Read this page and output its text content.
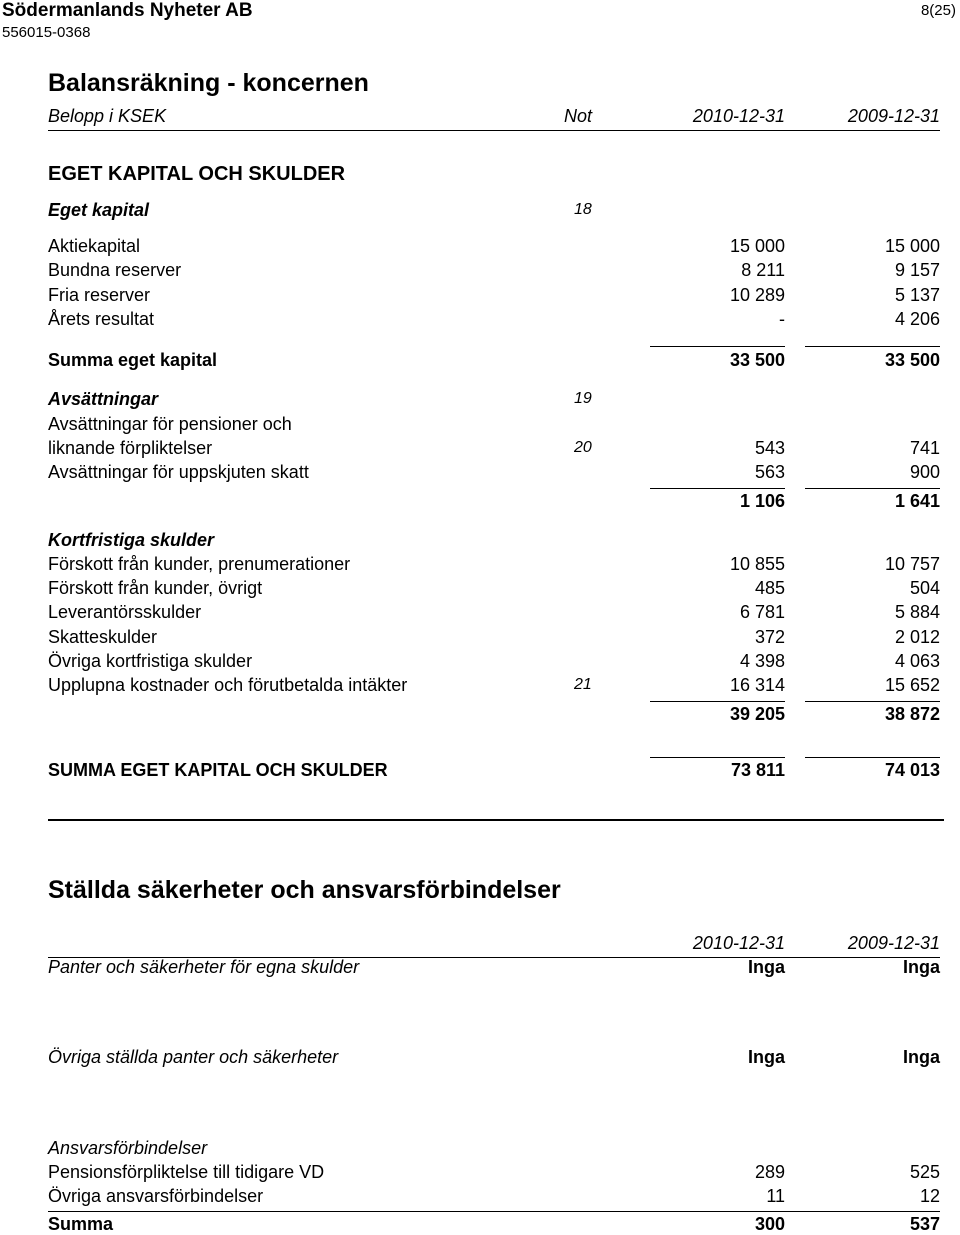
Södermanlands Nyheter AB
556015-0368
8(25)
Balansräkning - koncernen
Belopp i KSEK	Not	2010-12-31	2009-12-31
EGET KAPITAL OCH SKULDER
Eget kapital	18
Aktiekapital	15 000	15 000
Bundna reserver	8 211	9 157
Fria reserver	10 289	5 137
Årets resultat	-	4 206
Summa eget kapital	33 500	33 500
Avsättningar	19
Avsättningar för pensioner och
liknande förpliktelser	20	543	741
Avsättningar för uppskjuten skatt	563	900
1 106	1 641
Kortfristiga skulder
Förskott från kunder, prenumerationer	10 855	10 757
Förskott från kunder, övrigt	485	504
Leverantörsskulder	6 781	5 884
Skatteskulder	372	2 012
Övriga kortfristiga skulder	4 398	4 063
Upplupna kostnader och förutbetalda intäkter	21	16 314	15 652
39 205	38 872
SUMMA EGET KAPITAL OCH SKULDER	73 811	74 013
Ställda säkerheter och ansvarsförbindelser
2010-12-31	2009-12-31
Panter och säkerheter för egna skulder	Inga	Inga
Övriga ställda panter och säkerheter	Inga	Inga
Ansvarsförbindelser
Pensionsförpliktelse till tidigare VD	289	525
Övriga ansvarsförbindelser	11	12
Summa	300	537
